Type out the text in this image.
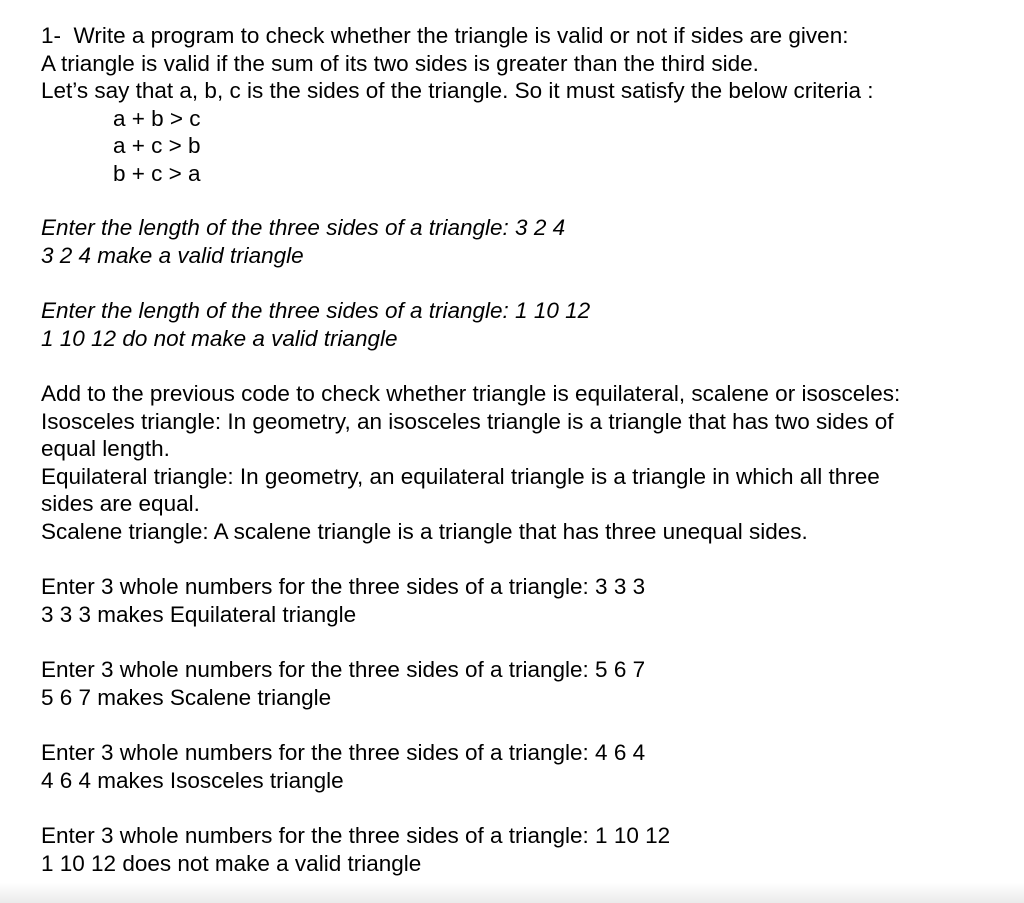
1-  Write a program to check whether the triangle is valid or not if sides are given:
A triangle is valid if the sum of its two sides is greater than the third side.
Let’s say that a, b, c is the sides of the triangle. So it must satisfy the below criteria :
a + b > c
a + c > b
b + c > a
Enter the length of the three sides of a triangle: 3 2 4
3 2 4 make a valid triangle
Enter the length of the three sides of a triangle: 1 10 12
1 10 12 do not make a valid triangle
Add to the previous code to check whether triangle is equilateral, scalene or isosceles:
Isosceles triangle: In geometry, an isosceles triangle is a triangle that has two sides of
equal length.
Equilateral triangle: In geometry, an equilateral triangle is a triangle in which all three
sides are equal.
Scalene triangle: A scalene triangle is a triangle that has three unequal sides.
Enter 3 whole numbers for the three sides of a triangle: 3 3 3
3 3 3 makes Equilateral triangle
Enter 3 whole numbers for the three sides of a triangle: 5 6 7
5 6 7 makes Scalene triangle
Enter 3 whole numbers for the three sides of a triangle: 4 6 4
4 6 4 makes Isosceles triangle
Enter 3 whole numbers for the three sides of a triangle: 1 10 12
1 10 12 does not make a valid triangle
